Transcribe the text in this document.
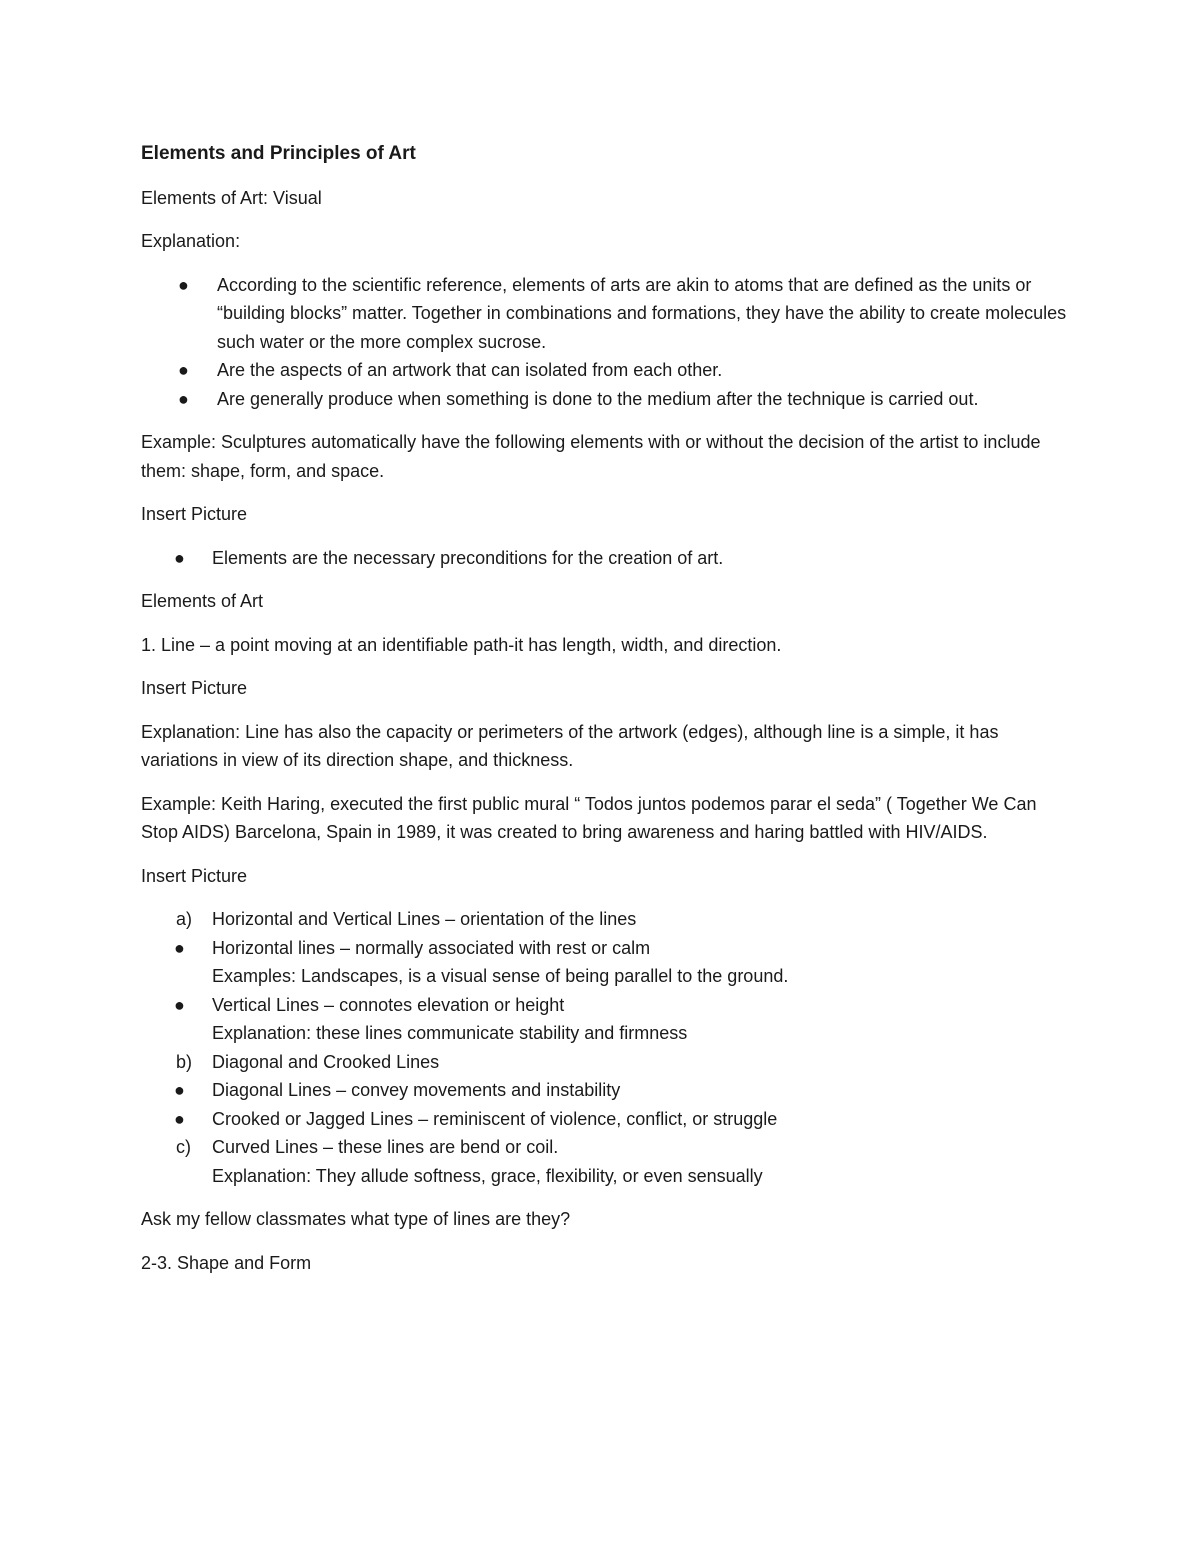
Elements and Principles of Art
Elements of Art: Visual
Explanation:
● According to the scientific reference, elements of arts are akin to atoms that are defined as the units or “building blocks” matter. Together in combinations and formations, they have the ability to create molecules such water or the more complex sucrose.
● Are the aspects of an artwork that can isolated from each other.
● Are generally produce when something is done to the medium after the technique is carried out.
Example: Sculptures automatically have the following elements with or without the decision of the artist to include them: shape, form, and space.
Insert Picture
● Elements are the necessary preconditions for the creation of art.
Elements of Art
1. Line – a point moving at an identifiable path-it has length, width, and direction.
Insert Picture
Explanation: Line has also the capacity or perimeters of the artwork (edges), although line is a simple, it has variations in view of its direction shape, and thickness.
Example: Keith Haring, executed the first public mural “ Todos juntos podemos parar el seda” ( Together We Can Stop AIDS) Barcelona, Spain in 1989, it was created to bring awareness and haring battled with HIV/AIDS.
Insert Picture
a) Horizontal and Vertical Lines – orientation of the lines
● Horizontal lines – normally associated with rest or calm
Examples: Landscapes, is a visual sense of being parallel to the ground.
● Vertical Lines – connotes elevation or height
Explanation: these lines communicate stability and firmness
b) Diagonal and Crooked Lines
● Diagonal Lines – convey movements and instability
● Crooked or Jagged Lines – reminiscent of violence, conflict, or struggle
c) Curved Lines – these lines are bend or coil.
Explanation: They allude softness, grace, flexibility, or even sensually
Ask my fellow classmates what type of lines are they?
2-3. Shape and Form
